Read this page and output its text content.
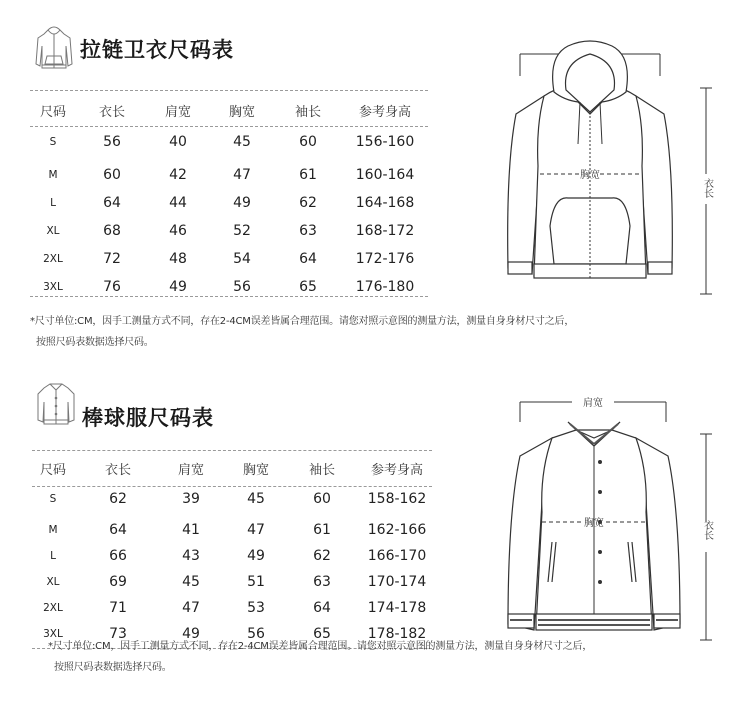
拉链卫衣尺码表
尺码	衣长	肩宽	胸宽	袖长	参考身高
S	56	40	45	60	156-160
M	60	42	47	61	160-164
L	64	44	49	62	164-168
XL	68	46	52	63	168-172
2XL	72	48	54	64	172-176
3XL	76	49	56	65	176-180
*尺寸单位:CM，因手工测量方式不同，存在2-4CM误差皆属合理范围。请您对照示意图的测量方法，测量自身身材尺寸之后，
按照尺码表数据选择尺码。
衣长
胸宽
棒球服尺码表
尺码	衣长	肩宽	胸宽	袖长	参考身高
S	62	39	45	60	158-162
M	64	41	47	61	162-166
L	66	43	49	62	166-170
XL	69	45	51	63	170-174
2XL	71	47	53	64	174-178
3XL	73	49	56	65	178-182
*尺寸单位:CM，因手工测量方式不同，存在2-4CM误差皆属合理范围。请您对照示意图的测量方法，测量自身身材尺寸之后，
按照尺码表数据选择尺码。
肩宽
衣长
胸宽
